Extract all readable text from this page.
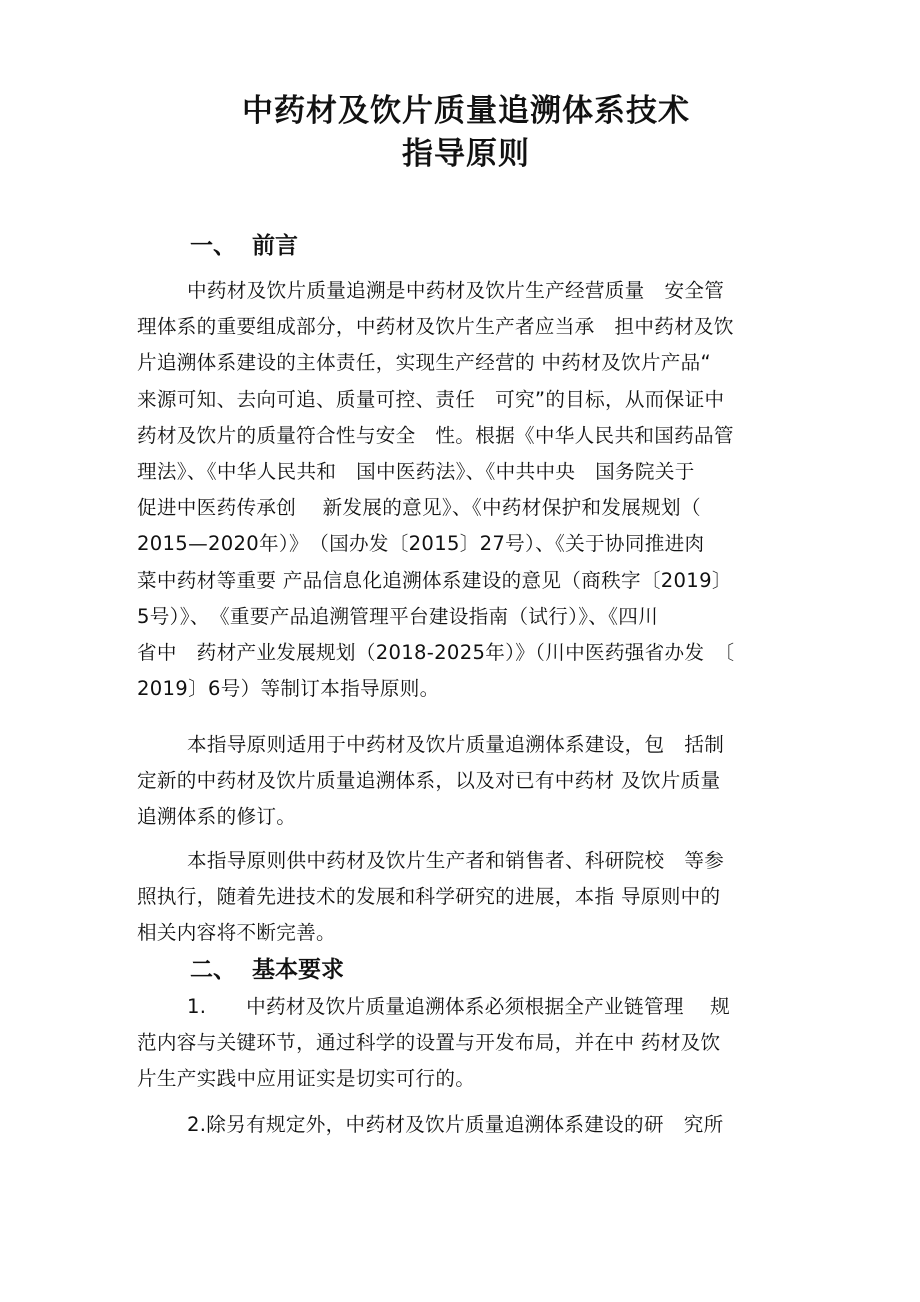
中药材及饮片质量追溯体系技术
指导原则
一、 前言
中药材及饮片质量追溯是中药材及饮片生产经营质量　安全管
理体系的重要组成部分，中药材及饮片生产者应当承　担中药材及饮
片追溯体系建设的主体责任，实现生产经营的 中药材及饮片产品“
来源可知、去向可追、质量可控、责任　可究”的目标，从而保证中
药材及饮片的质量符合性与安全　性。根据《中华人民共和国药品管
理法》、《中华人民共和　国中医药法》、《中共中央　国务院关于
促进中医药传承创　 新发展的意见》、《中药材保护和发展规划（
2015—2020年）》　（国办发〔2015〕27号）、《关于协同推进肉
菜中药材等重要 产品信息化追溯体系建设的意见（商秩字〔2019〕
5号）》、　《重要产品追溯管理平台建设指南（试行）》、《四川
省中　药材产业发展规划（2018-2025年）》（川中医药强省办发　〔
2019〕6号）等制订本指导原则。
本指导原则适用于中药材及饮片质量追溯体系建设，包　括制
定新的中药材及饮片质量追溯体系，以及对已有中药材 及饮片质量
追溯体系的修订。
本指导原则供中药材及饮片生产者和销售者、科研院校　等参
照执行，随着先进技术的发展和科学研究的进展，本指 导原则中的
相关内容将不断完善。
二、 基本要求
1.　　中药材及饮片质量追溯体系必须根据全产业链管理　 规
范内容与关键环节，通过科学的设置与开发布局，并在中 药材及饮
片生产实践中应用证实是切实可行的。
2.除另有规定外，中药材及饮片质量追溯体系建设的研　究所
